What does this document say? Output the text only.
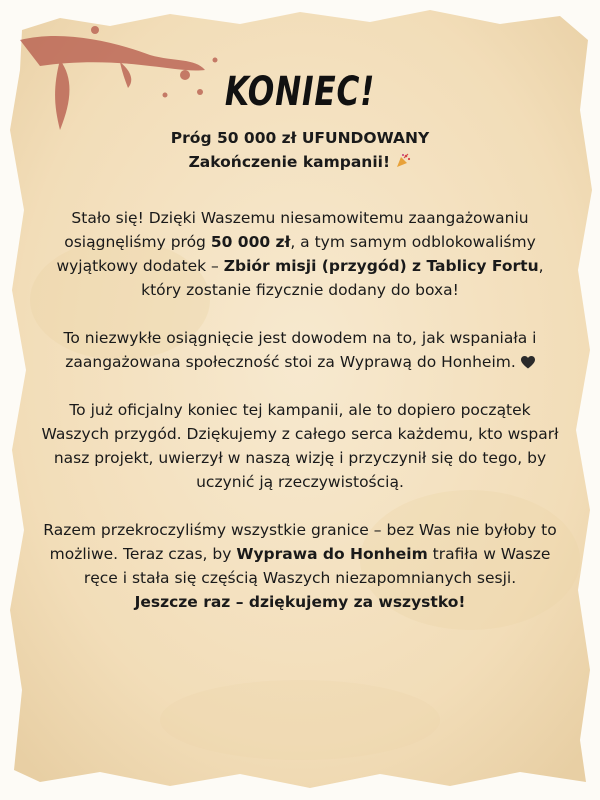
KONIEC!

Próg 50 000 zł UFUNDOWANY

Zakończenie kampanii!

Stało się! Dzięki Waszemu niesamowitemu zaangażowaniu osiągnęliśmy próg 50 000 zł, a tym samym odblokowaliśmy wyjątkowy dodatek – Zbiór misji (przygód) z Tablicy Fortu, który zostanie fizycznie dodany do boxa!

To niezwykłe osiągnięcie jest dowodem na to, jak wspaniała i zaangażowana społeczność stoi za Wyprawą do Honheim.

To już oficjalny koniec tej kampanii, ale to dopiero początek Waszych przygód. Dziękujemy z całego serca każdemu, kto wsparł nasz projekt, uwierzył w naszą wizję i przyczynił się do tego, by uczynić ją rzeczywistością.

Razem przekroczyliśmy wszystkie granice – bez Was nie byłoby to możliwe. Teraz czas, by Wyprawa do Honheim trafiła w Wasze ręce i stała się częścią Waszych niezapomnianych sesji.

Jeszcze raz – dziękujemy za wszystko!
